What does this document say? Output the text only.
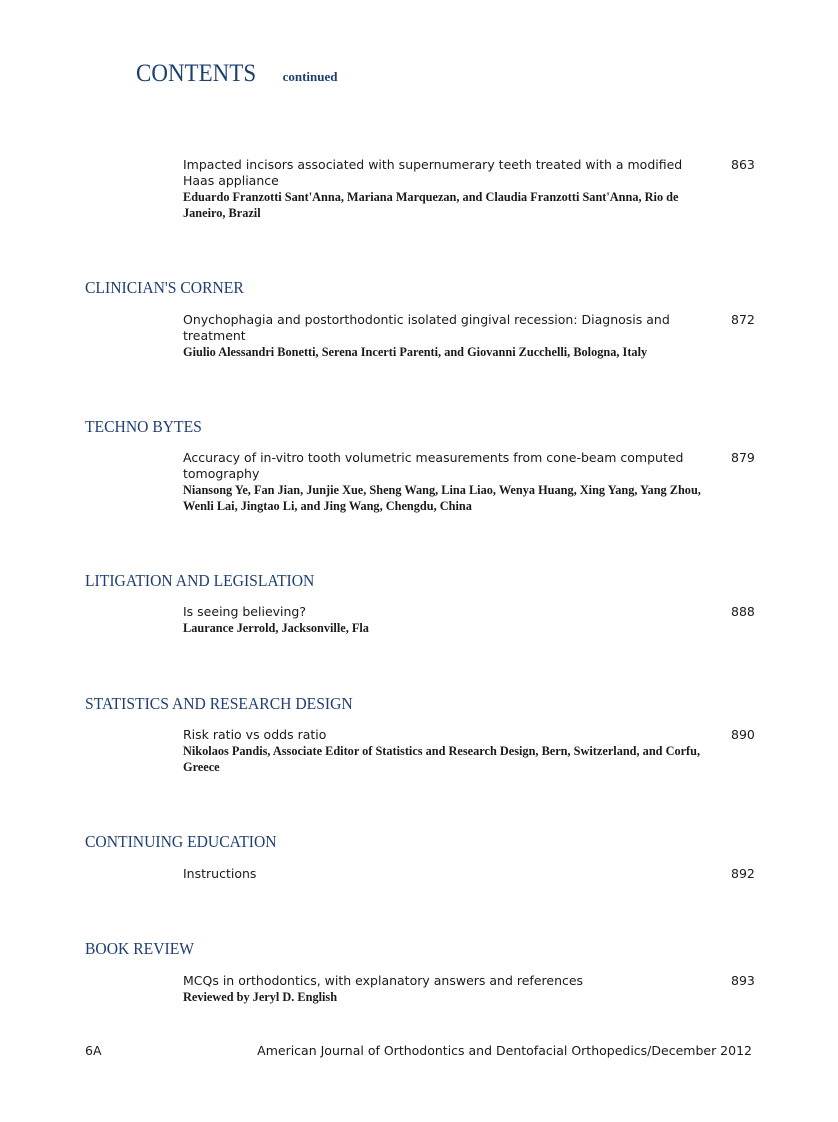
CONTENTS continued
Impacted incisors associated with supernumerary teeth treated with a modified Haas appliance
Eduardo Franzotti Sant'Anna, Mariana Marquezan, and Claudia Franzotti Sant'Anna, Rio de Janeiro, Brazil
863
CLINICIAN'S CORNER
Onychophagia and postorthodontic isolated gingival recession: Diagnosis and treatment
Giulio Alessandri Bonetti, Serena Incerti Parenti, and Giovanni Zucchelli, Bologna, Italy
872
TECHNO BYTES
Accuracy of in-vitro tooth volumetric measurements from cone-beam computed tomography
Niansong Ye, Fan Jian, Junjie Xue, Sheng Wang, Lina Liao, Wenya Huang, Xing Yang, Yang Zhou, Wenli Lai, Jingtao Li, and Jing Wang, Chengdu, China
879
LITIGATION AND LEGISLATION
Is seeing believing?
Laurance Jerrold, Jacksonville, Fla
888
STATISTICS AND RESEARCH DESIGN
Risk ratio vs odds ratio
Nikolaos Pandis, Associate Editor of Statistics and Research Design, Bern, Switzerland, and Corfu, Greece
890
CONTINUING EDUCATION
Instructions	892
BOOK REVIEW
MCQs in orthodontics, with explanatory answers and references
Reviewed by Jeryl D. English
893
6A	American Journal of Orthodontics and Dentofacial Orthopedics/December 2012
